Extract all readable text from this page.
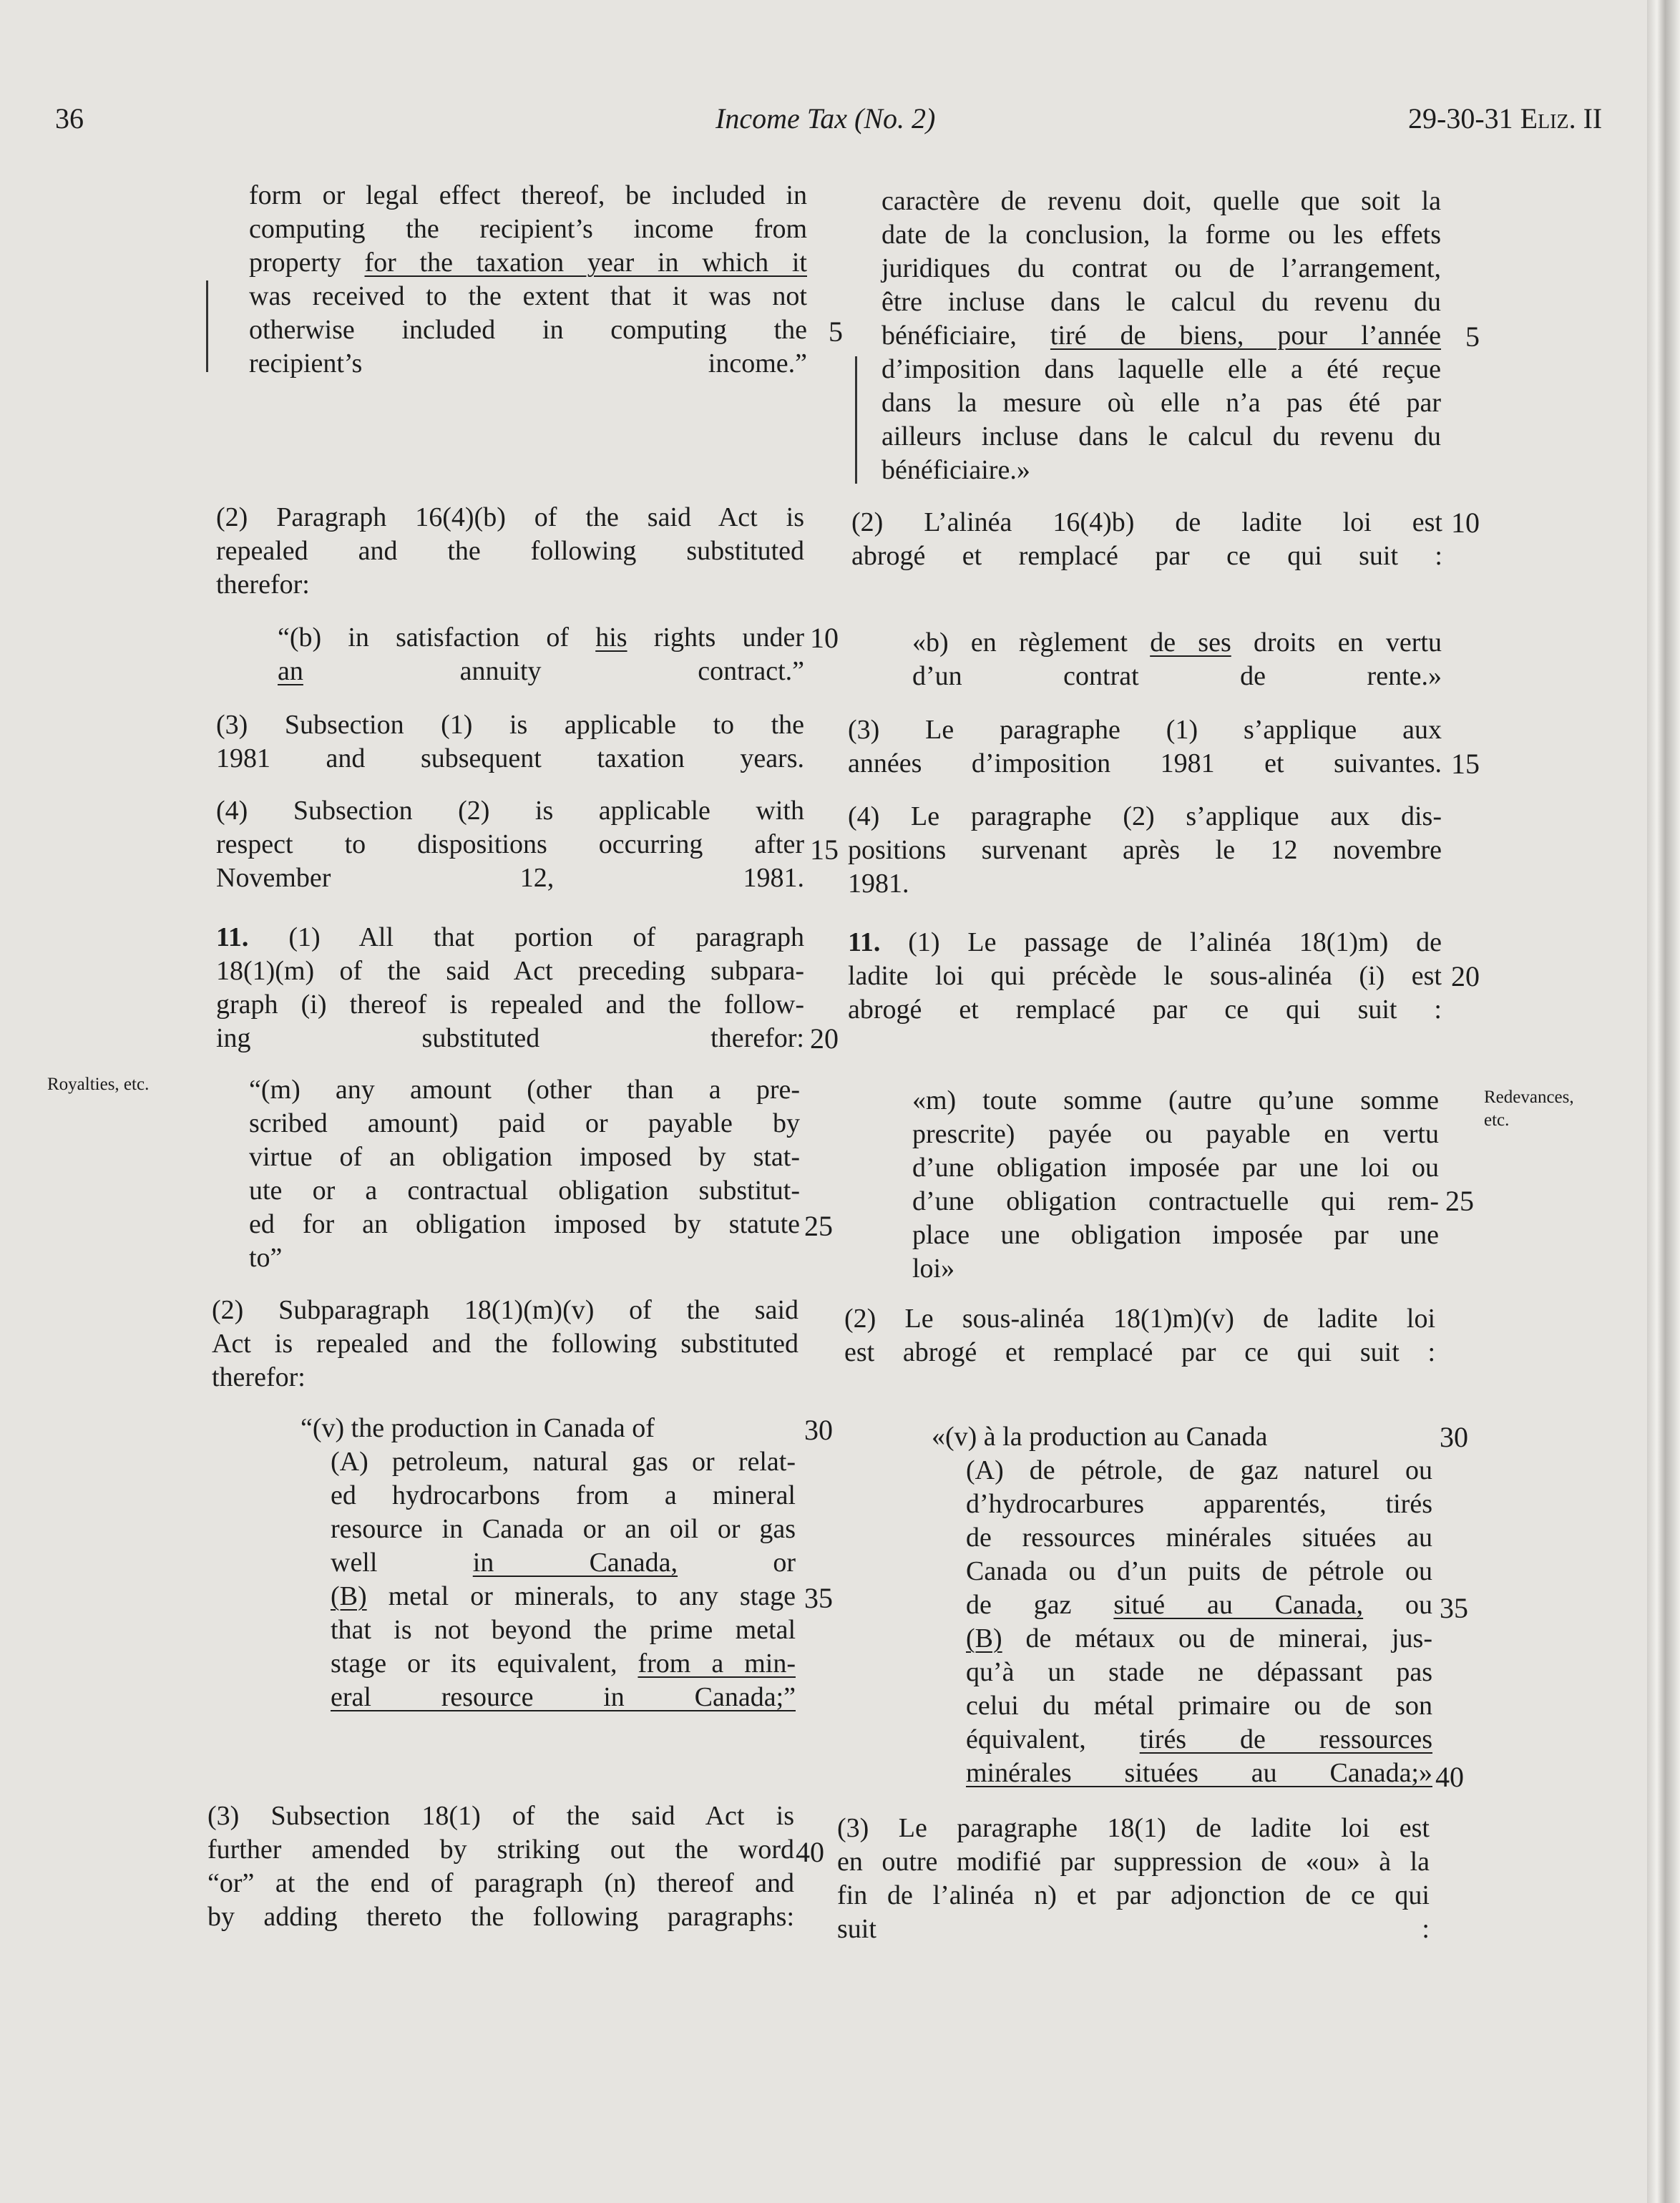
36	Income Tax (No. 2)	29-30-31 Eliz. II
Royalties, etc.
Redevances,
etc.
5
10
15
20
25
30
35
40
5
10
15
20
25
30
35
40

form or legal effect thereof, be included in

computing the recipient’s income from

property for the taxation year in which it

was received to the extent that it was not

otherwise included in computing the

recipient’s income.”

(2) Paragraph 16(4)(b) of the said Act is

repealed and the following substituted

therefor:

“(b) in satisfaction of his rights under

an annuity contract.”

(3) Subsection (1) is applicable to the

1981 and subsequent taxation years.

(4) Subsection (2) is applicable with

respect to dispositions occurring after

November 12, 1981.

11. (1) All that portion of paragraph

18(1)(m) of the said Act preceding subpara-

graph (i) thereof is repealed and the follow-

ing substituted therefor:

“(m) any amount (other than a pre-

scribed amount) paid or payable by

virtue of an obligation imposed by stat-

ute or a contractual obligation substitut-

ed for an obligation imposed by statute

to”

(2) Subparagraph 18(1)(m)(v) of the said

Act is repealed and the following substituted

therefor:

“(v) the production in Canada of

(A) petroleum, natural gas or relat-

ed hydrocarbons from a mineral

resource in Canada or an oil or gas

well in Canada, or

(B) metal or minerals, to any stage

that is not beyond the prime metal

stage or its equivalent, from a min-

eral resource in Canada;”

(3) Subsection 18(1) of the said Act is

further amended by striking out the word

“or” at the end of paragraph (n) thereof and

by adding thereto the following paragraphs:

caractère de revenu doit, quelle que soit la

date de la conclusion, la forme ou les effets

juridiques du contrat ou de l’arrangement,

être incluse dans le calcul du revenu du

bénéficiaire, tiré de biens, pour l’année

d’imposition dans laquelle elle a été reçue

dans la mesure où elle n’a pas été par

ailleurs incluse dans le calcul du revenu du

bénéficiaire.»

(2) L’alinéa 16(4)b) de ladite loi est

abrogé et remplacé par ce qui suit :

«b) en règlement de ses droits en vertu

d’un contrat de rente.»

(3) Le paragraphe (1) s’applique aux

années d’imposition 1981 et suivantes.

(4) Le paragraphe (2) s’applique aux dis-

positions survenant après le 12 novembre

1981.

11. (1) Le passage de l’alinéa 18(1)m) de

ladite loi qui précède le sous-alinéa (i) est

abrogé et remplacé par ce qui suit :

«m) toute somme (autre qu’une somme

prescrite) payée ou payable en vertu

d’une obligation imposée par une loi ou

d’une obligation contractuelle qui rem-

place une obligation imposée par une

loi»

(2) Le sous-alinéa 18(1)m)(v) de ladite loi

est abrogé et remplacé par ce qui suit :

«(v) à la production au Canada

(A) de pétrole, de gaz naturel ou

d’hydrocarbures apparentés, tirés

de ressources minérales situées au

Canada ou d’un puits de pétrole ou

de gaz situé au Canada, ou

(B) de métaux ou de minerai, jus-

qu’à un stade ne dépassant pas

celui du métal primaire ou de son

équivalent, tirés de ressources

minérales situées au Canada;»

(3) Le paragraphe 18(1) de ladite loi est

en outre modifié par suppression de «ou» à la

fin de l’alinéa n) et par adjonction de ce qui

suit :
